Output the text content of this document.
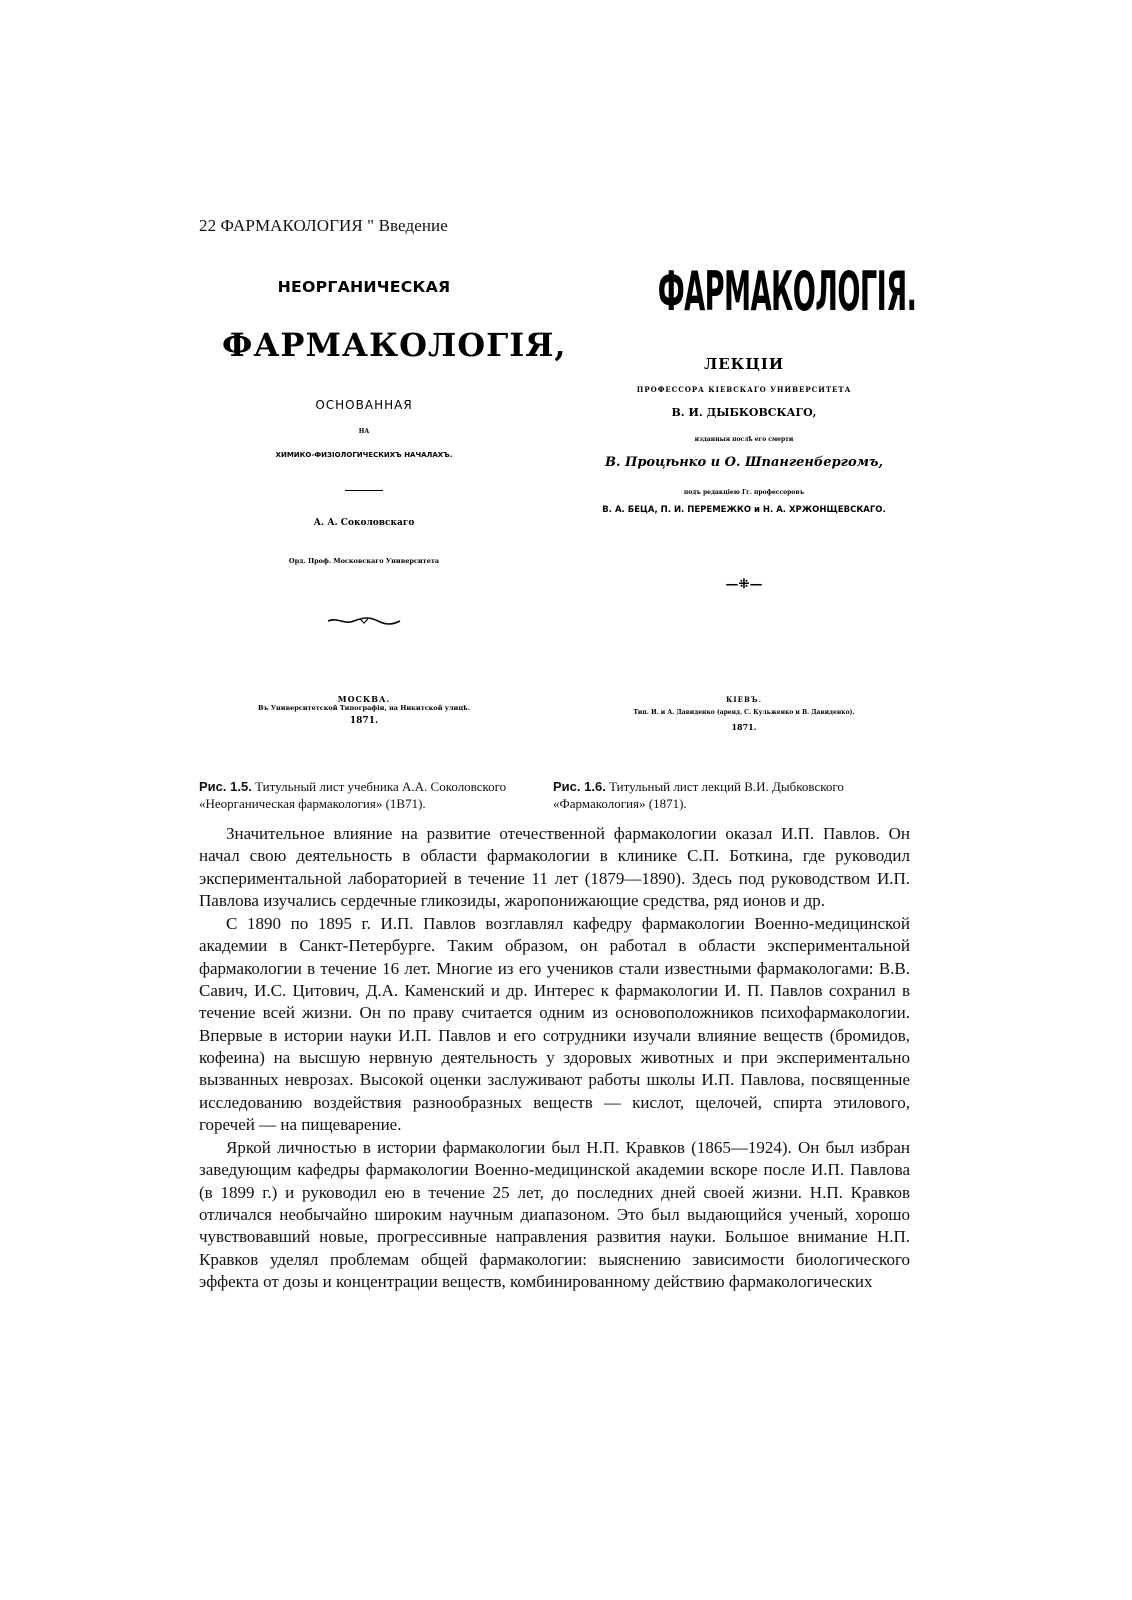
22 ФАРМАКОЛОГИЯ " Введение
НЕОРГАНИЧЕСКАЯ
ФАРМАКОЛОГIЯ,
ОСНОВАННАЯ
НА
ХИМИКО-ФИЗIОЛОГИЧЕСКИХЪ НАЧАЛАХЪ.
А. А. Соколовскаго
Орд. Проф. Московскаго Университета
МОСКВА.
Въ Университетской Типографiи, на Никитской улицѣ.
1871.
ФАРМАКОЛОГIЯ.
ЛЕКЦIИ
ПРОФЕССОРА КIЕВСКАГО УНИВЕРСИТЕТА
В. И. ДЫБКОВСКАГО,
изданныя послѣ его смерти
В. Процѣнко и О. Шпангенбергомъ,
подъ редакцiею Гг. профессоровъ
В. А. БЕЦА, П. И. ПЕРЕМЕЖКО и Н. А. ХРЖОНЩЕВСКАГО.
—⁜—
КIЕВЪ.
Тип. И. и А. Давиденко (аренд. С. Кульженко и В. Давиденко).
1871.
Рис. 1.5. Титульный лист учебника А.А. Соколовского «Неорганическая фармакология» (1В71).
Рис. 1.6. Титульный лист лекций В.И. Дыбковского «Фармакология» (1871).

Значительное влияние на развитие отечественной фармакологии оказал И.П. Павлов. Он начал свою деятельность в области фармакологии в клинике С.П. Боткина, где руководил экспериментальной лабораторией в течение 11 лет (1879—1890). Здесь под руководством И.П. Павлова изучались сердечные гликозиды, жаропонижающие средства, ряд ионов и др.

С 1890 по 1895 г. И.П. Павлов возглавлял кафедру фармакологии Военно-медицинской академии в Санкт-Петербурге. Таким образом, он работал в области экспериментальной фармакологии в течение 16 лет. Многие из его учеников стали известными фармакологами: В.В. Савич, И.С. Цитович, Д.А. Каменский и др. Интерес к фармакологии И. П. Павлов сохранил в течение всей жизни. Он по праву считается одним из основоположников психофармакологии. Впервые в истории науки И.П. Павлов и его сотрудники изучали влияние веществ (бромидов, кофеина) на высшую нервную деятельность у здоровых животных и при экспериментально вызванных неврозах. Высокой оценки заслуживают работы школы И.П. Павлова, посвященные исследованию воздействия разнообразных веществ — кислот, щелочей, спирта этилового, горечей — на пищеварение.

Яркой личностью в истории фармакологии был Н.П. Кравков (1865—1924). Он был избран заведующим кафедры фармакологии Военно-медицинской академии вскоре после И.П. Павлова (в 1899 г.) и руководил ею в течение 25 лет, до последних дней своей жизни. Н.П. Кравков отличался необычайно широким научным диапазоном. Это был выдающийся ученый, хорошо чувствовавший новые, прогрессивные направления развития науки. Большое внимание Н.П. Кравков уделял проблемам общей фармакологии: выяснению зависимости биологического эффекта от дозы и концентрации веществ, комбинированному действию фармакологических
